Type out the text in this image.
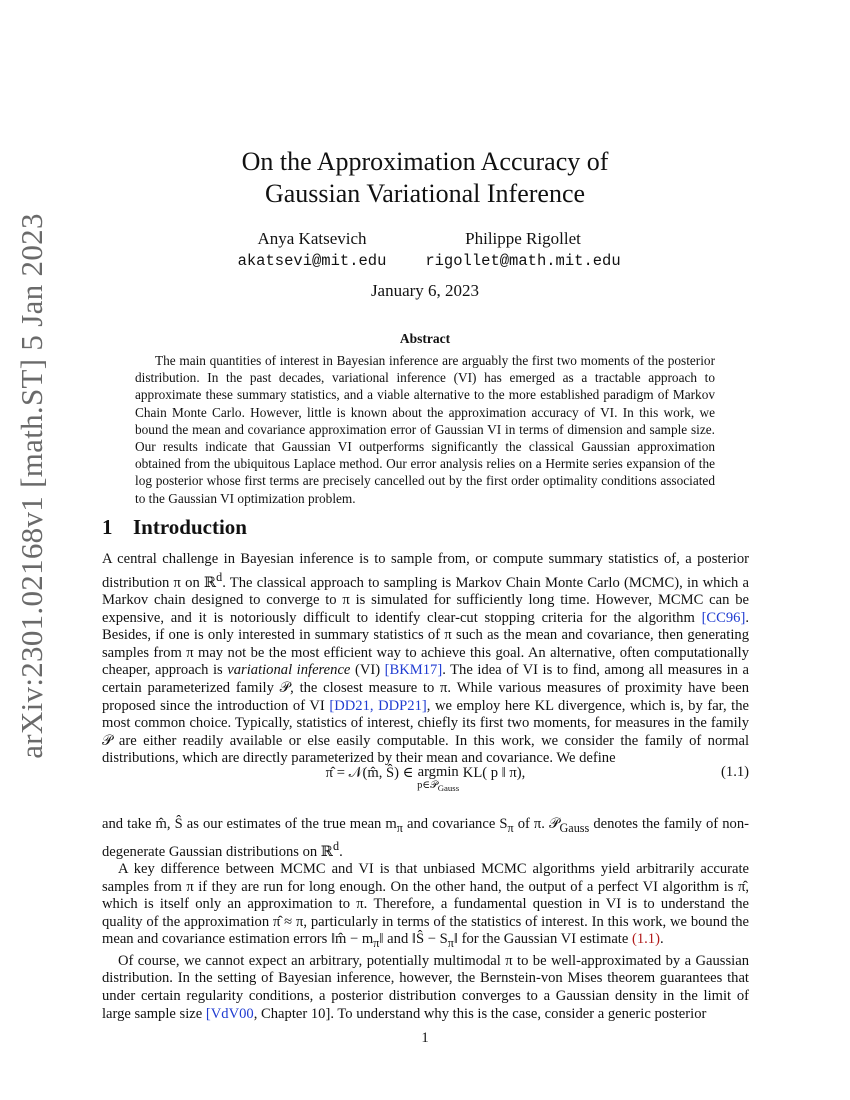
arXiv:2301.02168v1 [math.ST] 5 Jan 2023
On the Approximation Accuracy of
Gaussian Variational Inference
Anya Katsevich
akatsevi@mit.edu
Philippe Rigollet
rigollet@math.mit.edu
January 6, 2023
Abstract

The main quantities of interest in Bayesian inference are arguably the first two moments of the posterior distribution. In the past decades, variational inference (VI) has emerged as a tractable approach to approximate these summary statistics, and a viable alternative to the more established paradigm of Markov Chain Monte Carlo. However, little is known about the approximation accuracy of VI. In this work, we bound the mean and covariance approximation error of Gaussian VI in terms of dimension and sample size. Our results indicate that Gaussian VI outperforms significantly the classical Gaussian approximation obtained from the ubiquitous Laplace method. Our error analysis relies on a Hermite series expansion of the log posterior whose first terms are precisely cancelled out by the first order optimality conditions associated to the Gaussian VI optimization problem.

1 Introduction

A central challenge in Bayesian inference is to sample from, or compute summary statistics of, a posterior distribution π on ℝ$^d$. The classical approach to sampling is Markov Chain Monte Carlo (MCMC), in which a Markov chain designed to converge to π is simulated for sufficiently long time. However, MCMC can be expensive, and it is notoriously difficult to identify clear-cut stopping criteria for the algorithm [CC96]. Besides, if one is only interested in summary statistics of π such as the mean and covariance, then generating samples from π may not be the most efficient way to achieve this goal. An alternative, often computationally cheaper, approach is variational inference (VI) [BKM17]. The idea of VI is to find, among all measures in a certain parameterized family 𝒫, the closest measure to π. While various measures of proximity have been proposed since the introduction of VI [DD21, DDP21], we employ here KL divergence, which is, by far, the most common choice. Typically, statistics of interest, chiefly its first two moments, for measures in the family 𝒫 are either readily available or else easily computable. In this work, we consider the family of normal distributions, which are directly parameterized by their mean and covariance. We define

π̂ = 𝒩(m̂, Ŝ) ∈ argmin
p∈𝒫$_{Gauss}$
KL( p ‖ π),	(1.1)

and take m̂, Ŝ as our estimates of the true mean $m_\pi$ and covariance $S_\pi$ of π. 𝒫$_{Gauss}$ denotes the family of non-degenerate Gaussian distributions on ℝ$^d$.

A key difference between MCMC and VI is that unbiased MCMC algorithms yield arbitrarily accurate samples from π if they are run for long enough. On the other hand, the output of a perfect VI algorithm is π̂, which is itself only an approximation to π. Therefore, a fundamental question in VI is to understand the quality of the approximation π̂ ≈ π, particularly in terms of the statistics of interest. In this work, we bound the mean and covariance estimation errors ‖m̂ − $m_\pi‖$ and ‖Ŝ − $S_\pi‖$ for the Gaussian VI estimate (1.1).

Of course, we cannot expect an arbitrary, potentially multimodal π to be well-approximated by a Gaussian distribution. In the setting of Bayesian inference, however, the Bernstein-von Mises theorem guarantees that under certain regularity conditions, a posterior distribution converges to a Gaussian density in the limit of large sample size [VdV00, Chapter 10]. To understand why this is the case, consider a generic posterior

1
